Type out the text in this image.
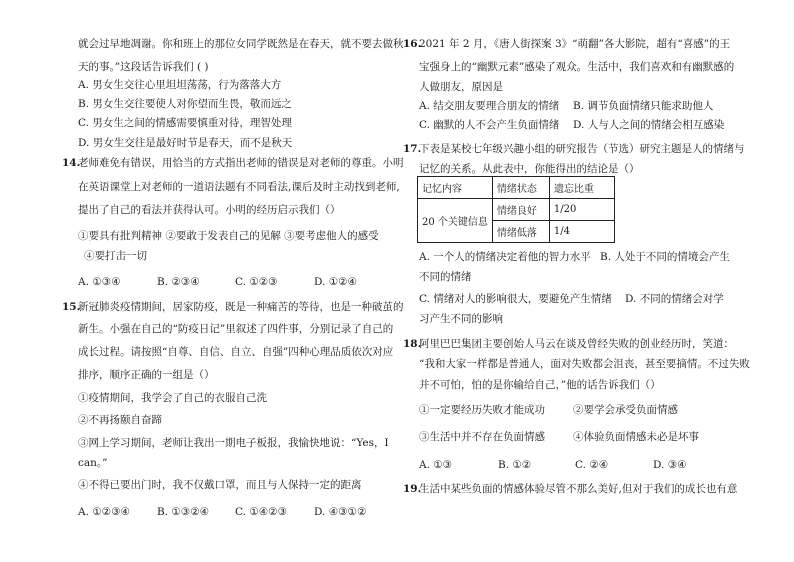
就会过早地凋谢。你和班上的那位女同学既然是在春天，就不要去做秋
天的事。”这段话告诉我们 ( )
A. 男女生交往心里坦坦荡荡，行为落落大方
B. 男女生交往要使人对你望而生畏，敬而远之
C. 男女生之间的情感需要慎重对待，理智处理
D. 男女生交往是最好时节是春天，而不是秋天
14.
老师难免有错误，用恰当的方式指出老师的错误是对老师的尊重。小明
在英语课堂上对老师的一道语法题有不同看法,课后及时主动找到老师,
提出了自己的看法并获得认可。小明的经历启示我们（）
①要具有批判精神 ②要敢于发表自己的见解 ③要考虑他人的感受
④要打击一切
A. ①③④	B. ②③④	C. ①②③	D. ①②④
15.
新冠肺炎疫情期间，居家防疫，既是一种痛苦的等待，也是一种破茧的
新生。小强在自己的“防疫日记”里叙述了四件事，分别记录了自己的
成长过程。请按照“自尊、自信、自立、自强”四种心理品质依次对应
排序，顺序正确的一组是（）
①疫情期间，我学会了自己的衣服自己洗
②不再扬颐自奋蹄
③网上学习期间，老师让我出一期电子板报，我愉快地说：“Yes，I
can。”
④不得已要出门时，我不仅戴口罩，而且与人保持一定的距离
A. ①②③④	B. ①③②④ C. ①④②③	D. ④③①②
16.
2021 年 2 月，《唐人街探案 3》“萌翻”各大影院，超有“喜感”的王
宝强身上的“幽默元素”感染了观众。生活中，我们喜欢和有幽默感的
人做朋友，原因是
A. 结交朋友要理合朋友的情绪 B. 调节负面情绪只能求助他人
C. 幽默的人不会产生负面情绪 D. 人与人之间的情绪会相互感染
17.
下表是某校七年级兴趣小组的研究报告（节选）研究主题是人的情绪与
记忆的关系。从此表中，你能得出的结论是（）
记忆内容	情绪状态	遗忘比重
20 个关键信息	情绪良好	1/20
	情绪低落	1/4
A. 一个人的情绪决定着他的智力水平 B. 人处于不同的情境会产生
不同的情绪
C. 情绪对人的影响很大，要避免产生情绪 D. 不同的情绪会对学
习产生不同的影响
18.
阿里巴巴集团主要创始人马云在谈及曾经失败的创业经历时，笑道：
“我和大家一样都是普通人，面对失败都会沮丧，甚至要摘情。不过失败
并不可怕，怕的是你输给自己，”他的话告诉我们（）
①一定要经历失败才能成功	②要学会承受负面情感
③生活中并不存在负面情感	④体验负面情感未必是坏事
A. ①③	B. ①②	C. ②④	D. ③④
19.
生活中某些负面的情感体验尽管不那么美好,但对于我们的成长也有意
